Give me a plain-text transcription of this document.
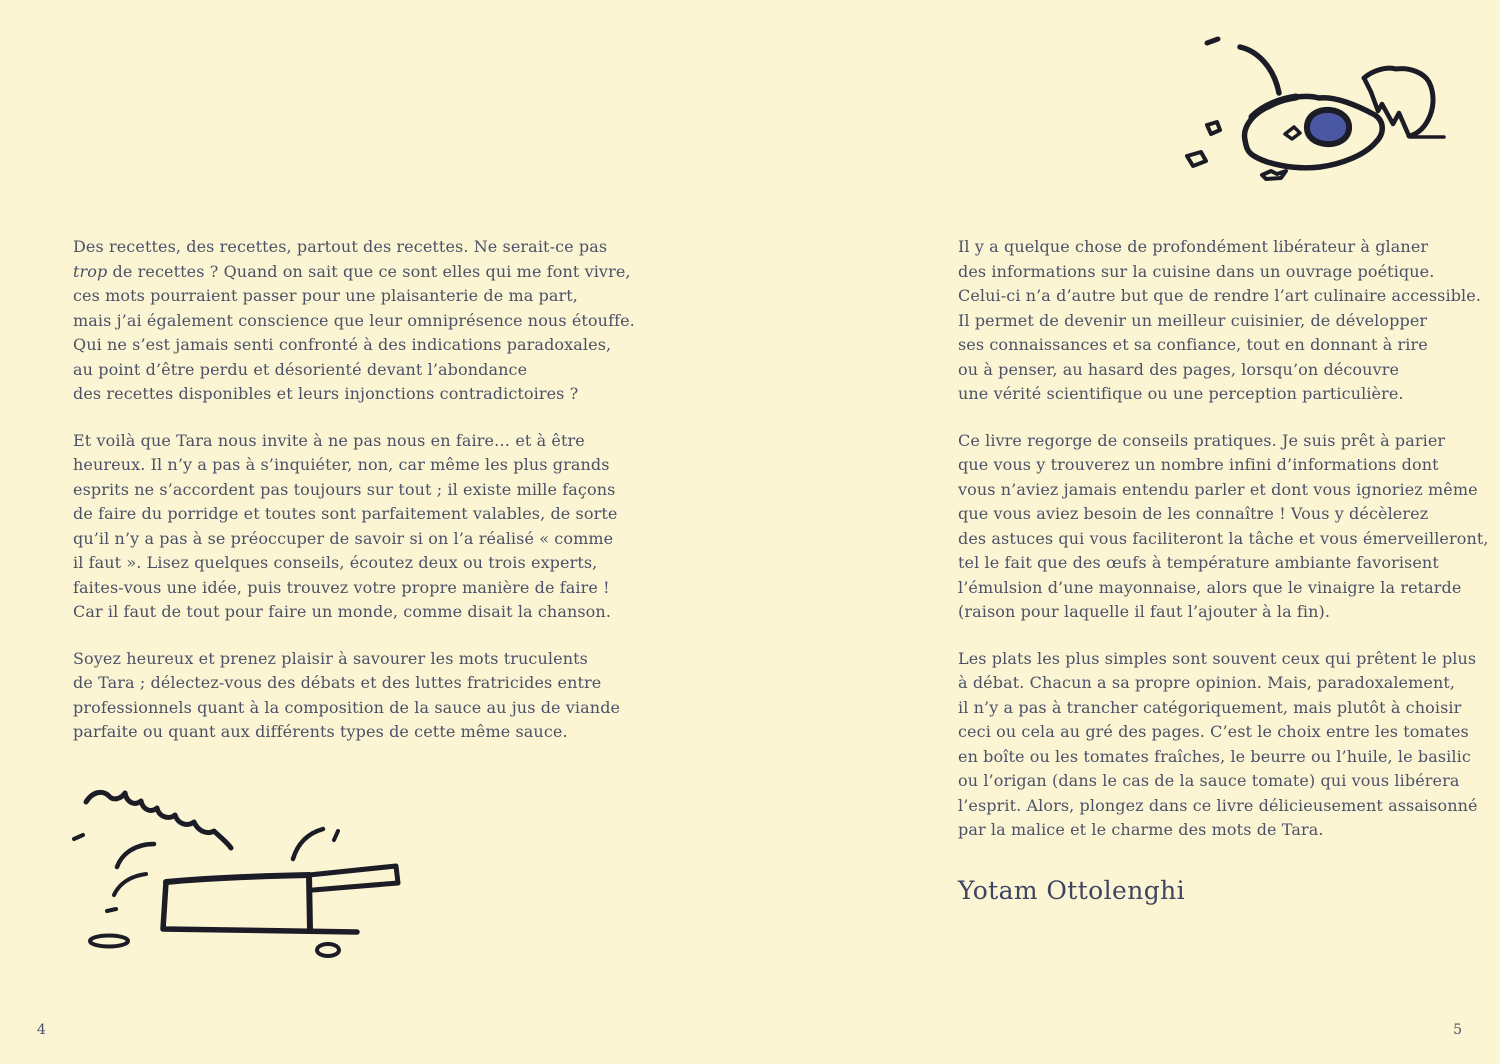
Des recettes, des recettes, partout des recettes. Ne serait-ce pas
trop de recettes ? Quand on sait que ce sont elles qui me font vivre,
ces mots pourraient passer pour une plaisanterie de ma part,
mais j’ai également conscience que leur omniprésence nous étouffe.
Qui ne s’est jamais senti confronté à des indications paradoxales,
au point d’être perdu et désorienté devant l’abondance
des recettes disponibles et leurs injonctions contradictoires ?
Et voilà que Tara nous invite à ne pas nous en faire… et à être
heureux. Il n’y a pas à s’inquiéter, non, car même les plus grands
esprits ne s’accordent pas toujours sur tout ; il existe mille façons
de faire du porridge et toutes sont parfaitement valables, de sorte
qu’il n’y a pas à se préoccuper de savoir si on l’a réalisé « comme
il faut ». Lisez quelques conseils, écoutez deux ou trois experts,
faites-vous une idée, puis trouvez votre propre manière de faire !
Car il faut de tout pour faire un monde, comme disait la chanson.
Soyez heureux et prenez plaisir à savourer les mots truculents
de Tara ; délectez-vous des débats et des luttes fratricides entre
professionnels quant à la composition de la sauce au jus de viande
parfaite ou quant aux différents types de cette même sauce.
4
Il y a quelque chose de profondément libérateur à glaner
des informations sur la cuisine dans un ouvrage poétique.
Celui-ci n’a d’autre but que de rendre l’art culinaire accessible.
Il permet de devenir un meilleur cuisinier, de développer
ses connaissances et sa confiance, tout en donnant à rire
ou à penser, au hasard des pages, lorsqu’on découvre
une vérité scientifique ou une perception particulière.
Ce livre regorge de conseils pratiques. Je suis prêt à parier
que vous y trouverez un nombre infini d’informations dont
vous n’aviez jamais entendu parler et dont vous ignoriez même
que vous aviez besoin de les connaître ! Vous y décèlerez
des astuces qui vous faciliteront la tâche et vous émerveilleront,
tel le fait que des œufs à température ambiante favorisent
l’émulsion d’une mayonnaise, alors que le vinaigre la retarde
(raison pour laquelle il faut l’ajouter à la fin).
Les plats les plus simples sont souvent ceux qui prêtent le plus
à débat. Chacun a sa propre opinion. Mais, paradoxalement,
il n’y a pas à trancher catégoriquement, mais plutôt à choisir
ceci ou cela au gré des pages. C’est le choix entre les tomates
en boîte ou les tomates fraîches, le beurre ou l’huile, le basilic
ou l’origan (dans le cas de la sauce tomate) qui vous libérera
l’esprit. Alors, plongez dans ce livre délicieusement assaisonné
par la malice et le charme des mots de Tara.
Yotam Ottolenghi
5
